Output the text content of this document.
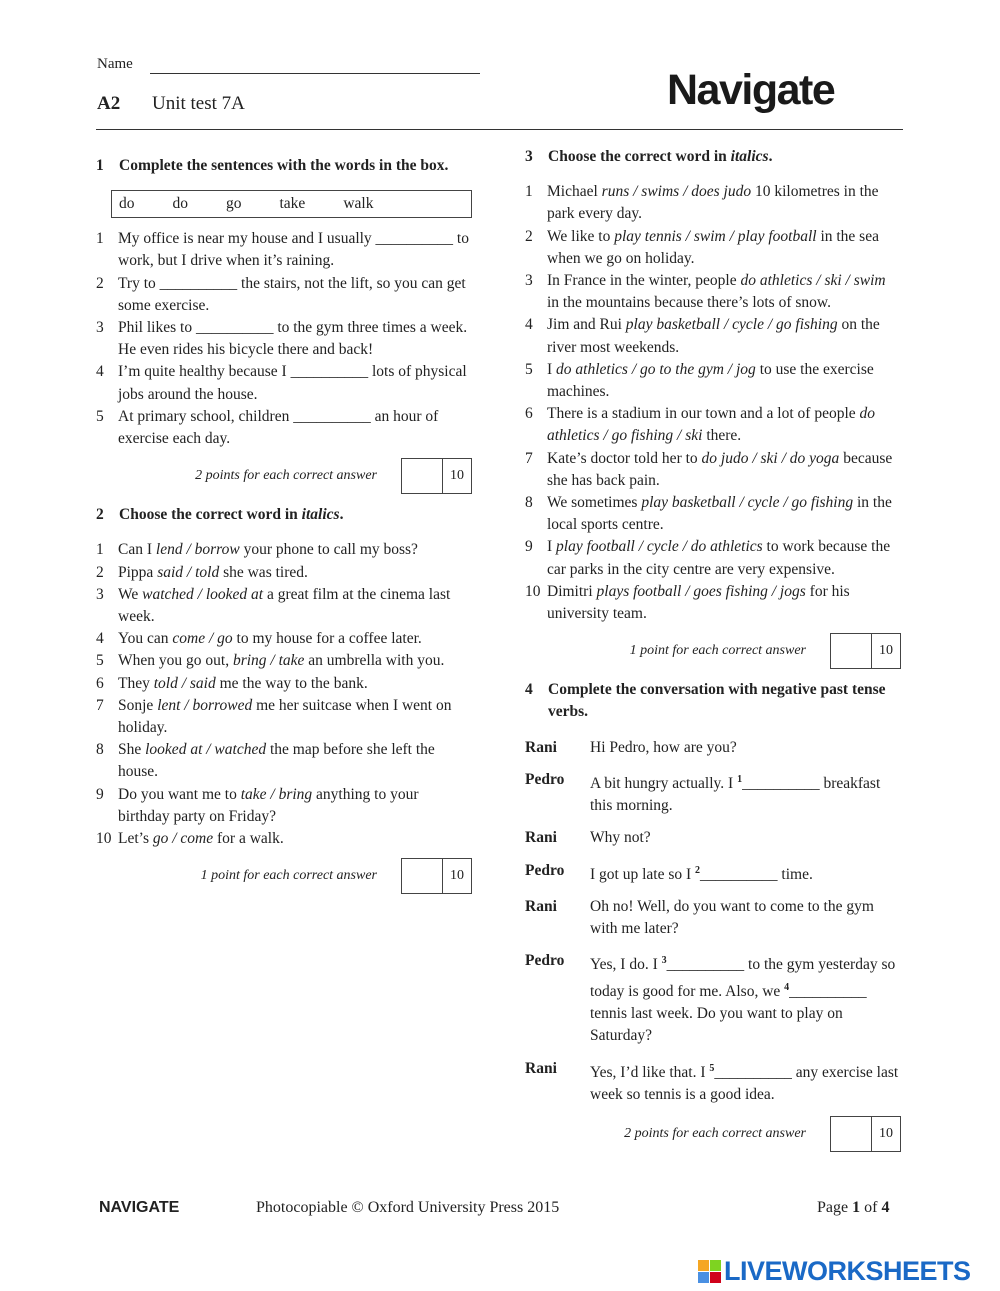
Name
A2 Unit test 7A	Navigate
1 Complete the sentences with the words in the box.
do do go take walk
1 My office is near my house and I usually __________ to work, but I drive when it’s raining.
2 Try to __________ the stairs, not the lift, so you can get some exercise.
3 Phil likes to __________ to the gym three times a week. He even rides his bicycle there and back!
4 I’m quite healthy because I __________ lots of physical jobs around the house.
5 At primary school, children __________ an hour of exercise each day.
2 points for each correct answer	10
2 Choose the correct word in italics.
1 Can I lend / borrow your phone to call my boss?
2 Pippa said / told she was tired.
3 We watched / looked at a great film at the cinema last week.
4 You can come / go to my house for a coffee later.
5 When you go out, bring / take an umbrella with you.
6 They told / said me the way to the bank.
7 Sonje lent / borrowed me her suitcase when I went on holiday.
8 She looked at / watched the map before she left the house.
9 Do you want me to take / bring anything to your birthday party on Friday?
10 Let’s go / come for a walk.
1 point for each correct answer	10
3 Choose the correct word in italics.
1 Michael runs / swims / does judo 10 kilometres in the park every day.
2 We like to play tennis / swim / play football in the sea when we go on holiday.
3 In France in the winter, people do athletics / ski / swim in the mountains because there’s lots of snow.
4 Jim and Rui play basketball / cycle / go fishing on the river most weekends.
5 I do athletics / go to the gym / jog to use the exercise machines.
6 There is a stadium in our town and a lot of people do athletics / go fishing / ski there.
7 Kate’s doctor told her to do judo / ski / do yoga because she has back pain.
8 We sometimes play basketball / cycle / go fishing in the local sports centre.
9 I play football / cycle / do athletics to work because the car parks in the city centre are very expensive.
10 Dimitri plays football / goes fishing / jogs for his university team.
1 point for each correct answer	10
4 Complete the conversation with negative past tense verbs.
Rani	Hi Pedro, how are you?
Pedro	A bit hungry actually. I $^1$__________ breakfast this morning.
Rani	Why not?
Pedro	I got up late so I $^2$__________ time.
Rani	Oh no! Well, do you want to come to the gym with me later?
Pedro	Yes, I do. I $^3$__________ to the gym yesterday so today is good for me. Also, we $^4$__________ tennis last week. Do you want to play on Saturday?
Rani	Yes, I’d like that. I $^5$__________ any exercise last week so tennis is a good idea.
2 points for each correct answer	10
NAVIGATE	Photocopiable © Oxford University Press 2015	Page 1 of 4
LIVEWORKSHEETS
